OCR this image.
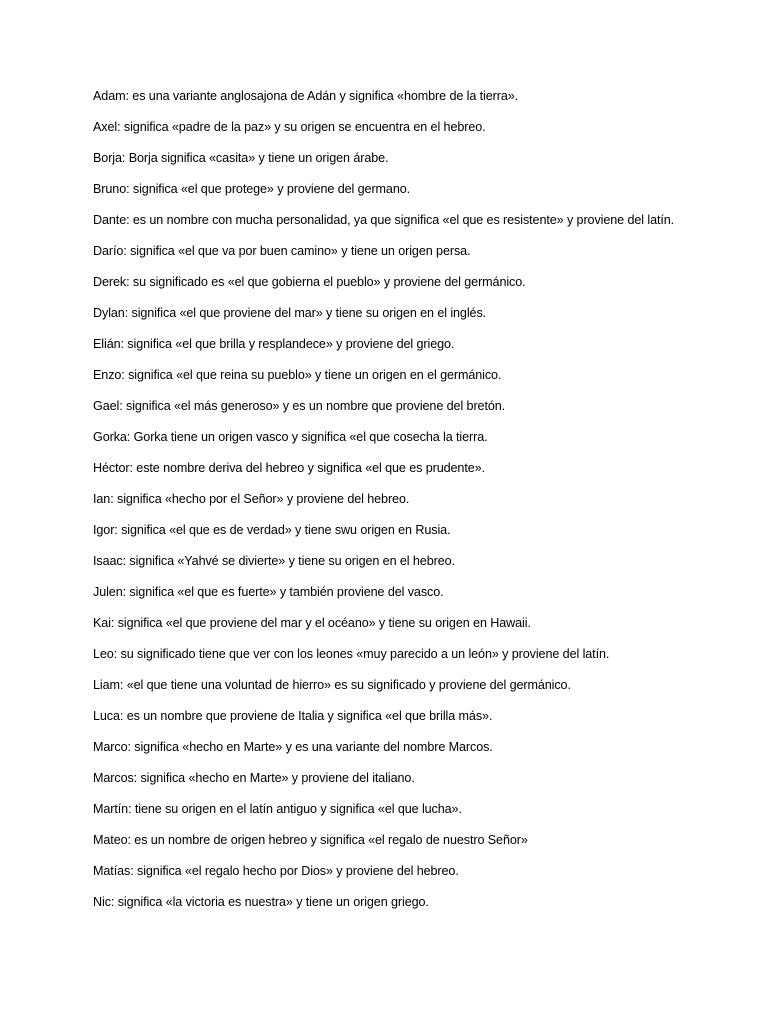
Adam: es una variante anglosajona de Adán y significa «hombre de la tierra».
Axel: significa «padre de la paz» y su origen se encuentra en el hebreo.
Borja: Borja significa «casita» y tiene un origen árabe.
Bruno: significa «el que protege» y proviene del germano.
Dante: es un nombre con mucha personalidad, ya que significa «el que es resistente» y proviene del latín.
Darío: significa «el que va por buen camino» y tiene un origen persa.
Derek: su significado es «el que gobierna el pueblo» y proviene del germánico.
Dylan: significa «el que proviene del mar» y tiene su origen en el inglés.
Elián: significa «el que brilla y resplandece» y proviene del griego.
Enzo: significa «el que reina su pueblo» y tiene un origen en el germánico.
Gael: significa «el más generoso» y es un nombre que proviene del bretón.
Gorka: Gorka tiene un origen vasco y significa «el que cosecha la tierra.
Héctor: este nombre deriva del hebreo y significa «el que es prudente».
Ian: significa «hecho por el Señor» y proviene del hebreo.
Igor: significa «el que es de verdad» y tiene swu origen en Rusia.
Isaac: significa «Yahvé se divierte» y tiene su origen en el hebreo.
Julen: significa «el que es fuerte» y también proviene del vasco.
Kai: significa «el que proviene del mar y el océano» y tiene su origen en Hawaii.
Leo: su significado tiene que ver con los leones «muy parecido a un león» y proviene del latín.
Liam: «el que tiene una voluntad de hierro» es su significado y proviene del germánico.
Luca: es un nombre que proviene de Italia y significa «el que brilla más».
Marco: significa «hecho en Marte» y es una variante del nombre Marcos.
Marcos: significa «hecho en Marte» y proviene del italiano.
Martín: tiene su origen en el latín antiguo y significa «el que lucha».
Mateo: es un nombre de origen hebreo y significa «el regalo de nuestro Señor»
Matías: significa «el regalo hecho por Dios» y proviene del hebreo.
Nic: significa «la victoria es nuestra» y tiene un origen griego.
